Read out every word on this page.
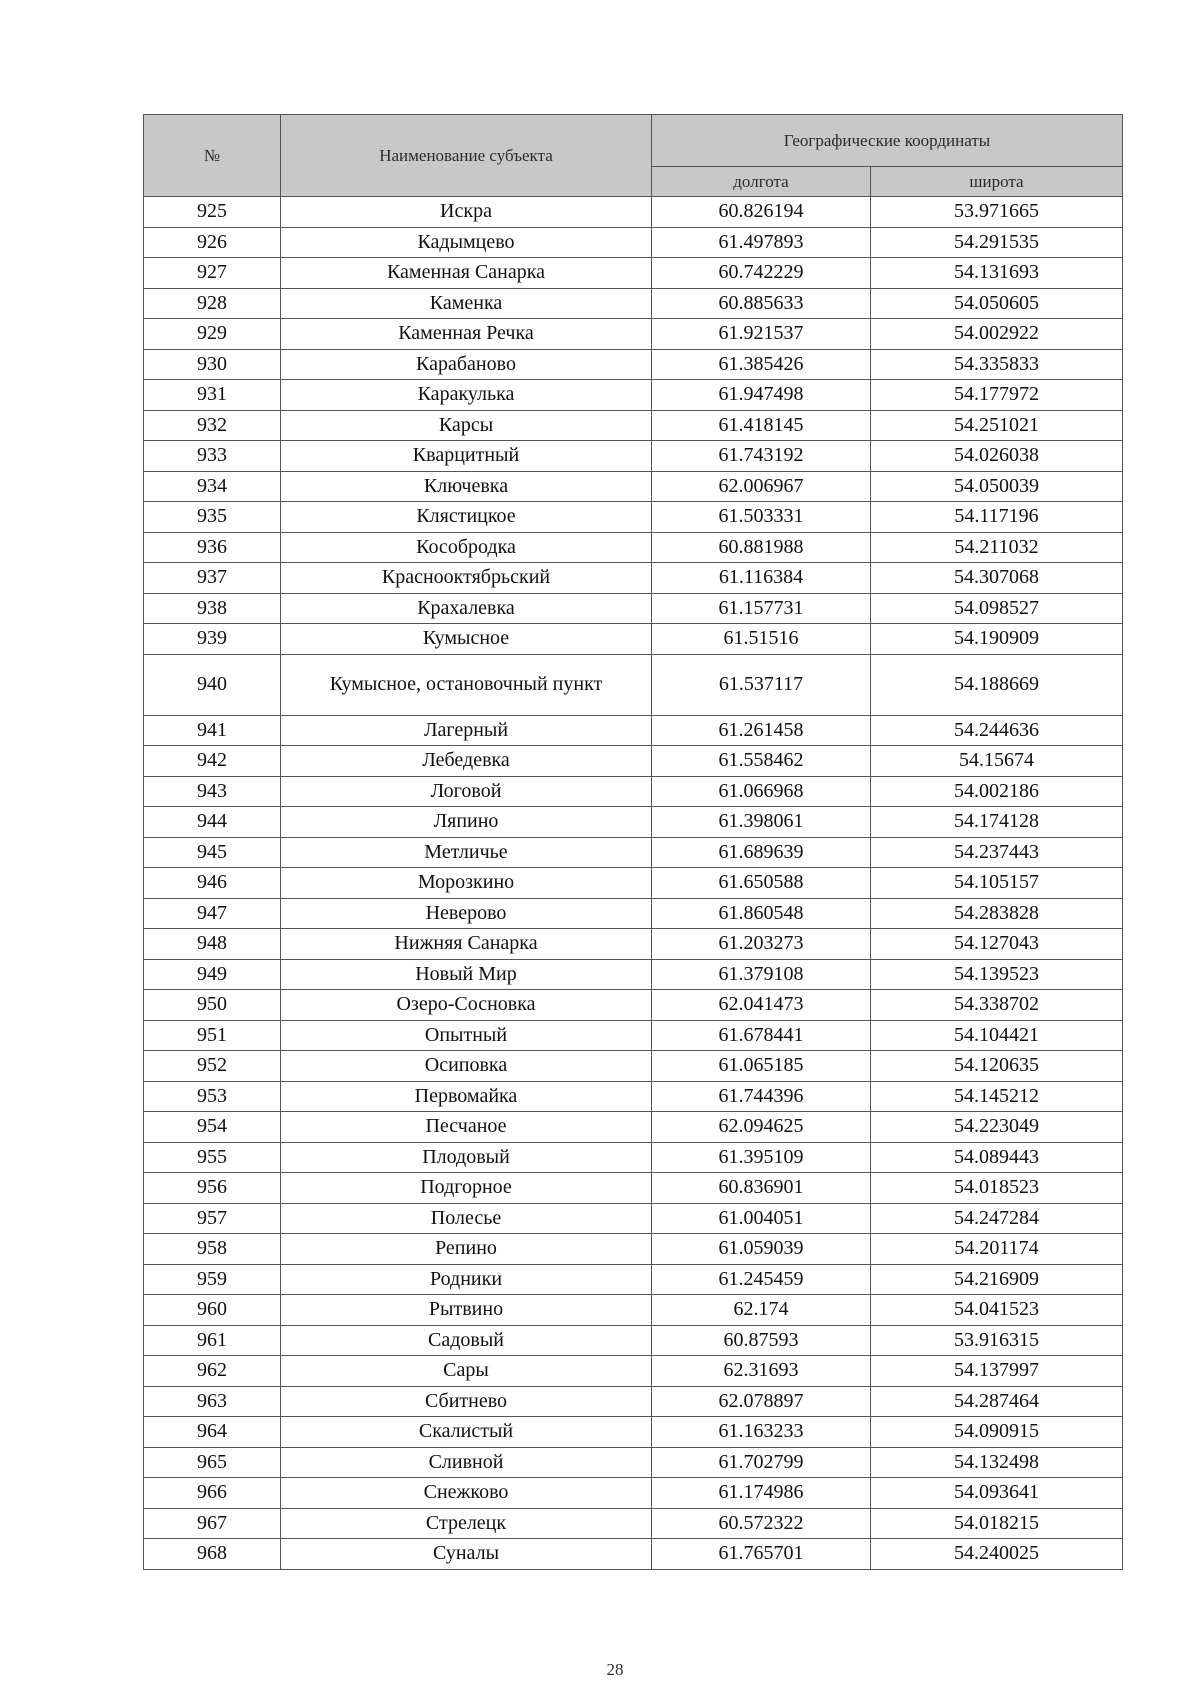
№	Наименование субъекта	Географические координаты	
		долгота	широта
925	Искра	60.826194	53.971665
926	Кадымцево	61.497893	54.291535
927	Каменная Санарка	60.742229	54.131693
928	Каменка	60.885633	54.050605
929	Каменная Речка	61.921537	54.002922
930	Карабаново	61.385426	54.335833
931	Каракулька	61.947498	54.177972
932	Карсы	61.418145	54.251021
933	Кварцитный	61.743192	54.026038
934	Ключевка	62.006967	54.050039
935	Клястицкое	61.503331	54.117196
936	Кособродка	60.881988	54.211032
937	Краснооктябрьский	61.116384	54.307068
938	Крахалевка	61.157731	54.098527
939	Кумысное	61.51516	54.190909
940	Кумысное, остановочный пункт	61.537117	54.188669
941	Лагерный	61.261458	54.244636
942	Лебедевка	61.558462	54.15674
943	Логовой	61.066968	54.002186
944	Ляпино	61.398061	54.174128
945	Метличье	61.689639	54.237443
946	Морозкино	61.650588	54.105157
947	Неверово	61.860548	54.283828
948	Нижняя Санарка	61.203273	54.127043
949	Новый Мир	61.379108	54.139523
950	Озеро-Сосновка	62.041473	54.338702
951	Опытный	61.678441	54.104421
952	Осиповка	61.065185	54.120635
953	Первомайка	61.744396	54.145212
954	Песчаное	62.094625	54.223049
955	Плодовый	61.395109	54.089443
956	Подгорное	60.836901	54.018523
957	Полесье	61.004051	54.247284
958	Репино	61.059039	54.201174
959	Родники	61.245459	54.216909
960	Рытвино	62.174	54.041523
961	Садовый	60.87593	53.916315
962	Сары	62.31693	54.137997
963	Сбитнево	62.078897	54.287464
964	Скалистый	61.163233	54.090915
965	Сливной	61.702799	54.132498
966	Снежково	61.174986	54.093641
967	Стрелецк	60.572322	54.018215
968	Суналы	61.765701	54.240025
28
